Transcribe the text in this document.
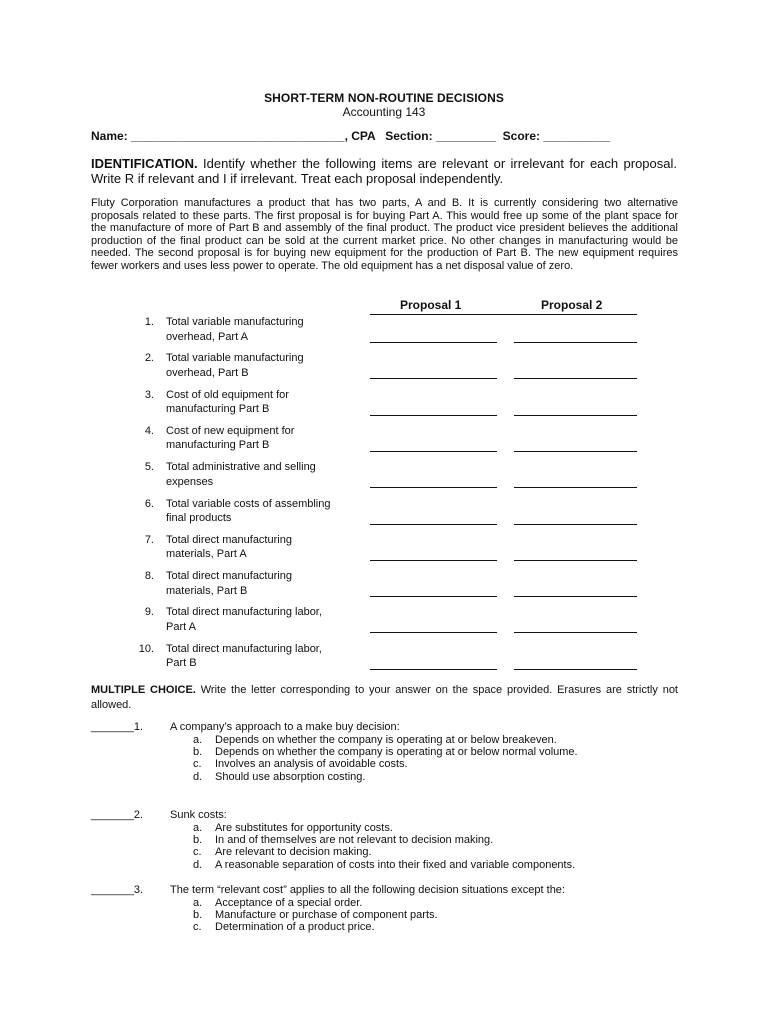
SHORT-TERM NON-ROUTINE DECISIONS
Accounting 143
Name: ________________________________, CPA   Section: _________  Score: __________
IDENTIFICATION. Identify whether the following items are relevant or irrelevant for each proposal. Write R if relevant and I if irrelevant. Treat each proposal independently.
Fluty Corporation manufactures a product that has two parts, A and B. It is currently considering two alternative proposals related to these parts. The first proposal is for buying Part A. This would free up some of the plant space for the manufacture of more of Part B and assembly of the final product. The product vice president believes the additional production of the final product can be sold at the current market price. No other changes in manufacturing would be needed. The second proposal is for buying new equipment for the production of Part B. The new equipment requires fewer workers and uses less power to operate. The old equipment has a net disposal value of zero.
Proposal 1	Proposal 2
1. Total variable manufacturing
overhead, Part A
2. Total variable manufacturing
overhead, Part B
3. Cost of old equipment for
manufacturing Part B
4. Cost of new equipment for
manufacturing Part B
5. Total administrative and selling
expenses
6. Total variable costs of assembling
final products
7. Total direct manufacturing
materials, Part A
8. Total direct manufacturing
materials, Part B
9. Total direct manufacturing labor,
Part A
10. Total direct manufacturing labor,
Part B
MULTIPLE CHOICE. Write the letter corresponding to your answer on the space provided. Erasures are strictly not allowed.
_______1. A company’s approach to a make buy decision:
a.	Depends on whether the company is operating at or below breakeven.
b.	Depends on whether the company is operating at or below normal volume.
c.	Involves an analysis of avoidable costs.
d.	Should use absorption costing.
_______2. Sunk costs:
a.	Are substitutes for opportunity costs.
b.	In and of themselves are not relevant to decision making.
c.	Are relevant to decision making.
d.	A reasonable separation of costs into their fixed and variable components.
_______3. The term “relevant cost” applies to all the following decision situations except the:
a.	Acceptance of a special order.
b.	Manufacture or purchase of component parts.
c.	Determination of a product price.
